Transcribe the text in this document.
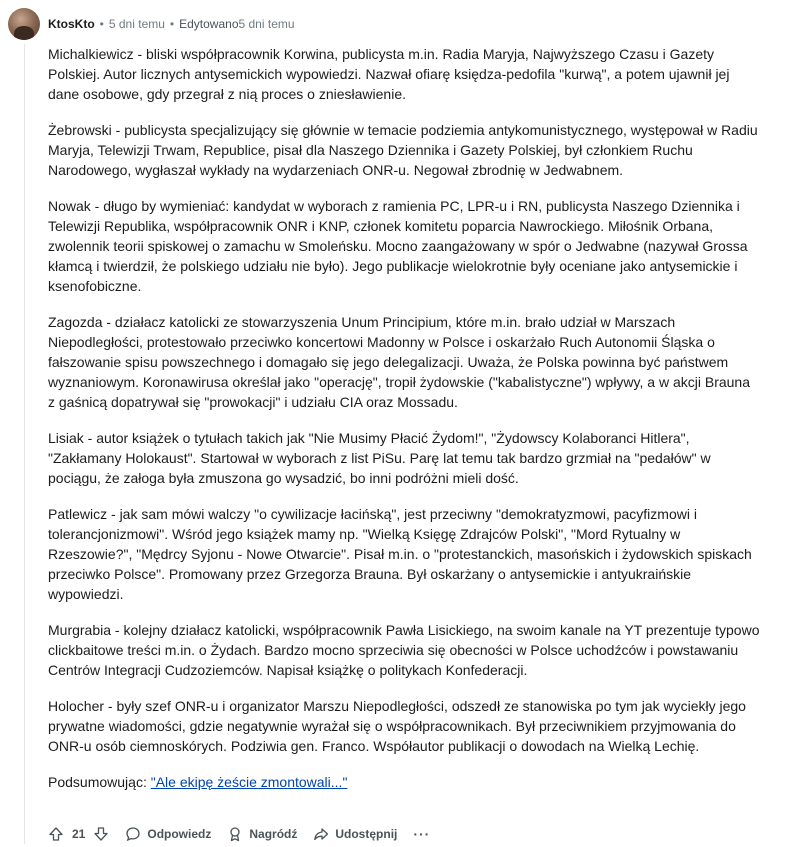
KtosKto • 5 dni temu • Edytowano 5 dni temu

Michalkiewicz - bliski współpracownik Korwina, publicysta m.in. Radia Maryja, Najwyższego Czasu i Gazety Polskiej. Autor licznych antysemickich wypowiedzi. Nazwał ofiarę księdza-pedofila "kurwą", a potem ujawnił jej dane osobowe, gdy przegrał z nią proces o zniesławienie.

Żebrowski - publicysta specjalizujący się głównie w temacie podziemia antykomunistycznego, występował w Radiu Maryja, Telewizji Trwam, Republice, pisał dla Naszego Dziennika i Gazety Polskiej, był członkiem Ruchu Narodowego, wygłaszał wykłady na wydarzeniach ONR-u. Negował zbrodnię w Jedwabnem.

Nowak - długo by wymieniać: kandydat w wyborach z ramienia PC, LPR-u i RN, publicysta Naszego Dziennika i Telewizji Republika, współpracownik ONR i KNP, członek komitetu poparcia Nawrockiego. Miłośnik Orbana, zwolennik teorii spiskowej o zamachu w Smoleńsku. Mocno zaangażowany w spór o Jedwabne (nazywał Grossa kłamcą i twierdził, że polskiego udziału nie było). Jego publikacje wielokrotnie były oceniane jako antysemickie i ksenofobiczne.

Zagozda - działacz katolicki ze stowarzyszenia Unum Principium, które m.in. brało udział w Marszach Niepodległości, protestowało przeciwko koncertowi Madonny w Polsce i oskarżało Ruch Autonomii Śląska o fałszowanie spisu powszechnego i domagało się jego delegalizacji. Uważa, że Polska powinna być państwem wyznaniowym. Koronawirusa określał jako "operację", tropił żydowskie ("kabalistyczne") wpływy, a w akcji Brauna z gaśnicą dopatrywał się "prowokacji" i udziału CIA oraz Mossadu.

Lisiak - autor książek o tytułach takich jak "Nie Musimy Płacić Żydom!", "Żydowscy Kolaboranci Hitlera", "Zakłamany Holokaust". Startował w wyborach z list PiSu. Parę lat temu tak bardzo grzmiał na "pedałów" w pociągu, że załoga była zmuszona go wysadzić, bo inni podróżni mieli dość.

Patlewicz - jak sam mówi walczy "o cywilizacje łacińską", jest przeciwny "demokratyzmowi, pacyfizmowi i tolerancjonizmowi". Wśród jego książek mamy np. "Wielką Księgę Zdrajców Polski", "Mord Rytualny w Rzeszowie?", "Mędrcy Syjonu - Nowe Otwarcie". Pisał m.in. o "protestanckich, masońskich i żydowskich spiskach przeciwko Polsce". Promowany przez Grzegorza Brauna. Był oskarżany o antysemickie i antyukraińskie wypowiedzi.

Murgrabia - kolejny działacz katolicki, współpracownik Pawła Lisickiego, na swoim kanale na YT prezentuje typowo clickbaitowe treści m.in. o Żydach. Bardzo mocno sprzeciwia się obecności w Polsce uchodźców i powstawaniu Centrów Integracji Cudzoziemców. Napisał książkę o politykach Konfederacji.

Holocher - były szef ONR-u i organizator Marszu Niepodległości, odszedł ze stanowiska po tym jak wyciekły jego prywatne wiadomości, gdzie negatywnie wyrażał się o współpracownikach. Był przeciwnikiem przyjmowania do ONR-u osób ciemnoskórych. Podziwia gen. Franco. Współautor publikacji o dowodach na Wielką Lechię.

Podsumowując: "Ale ekipę żeście zmontowali..."

21	Odpowiedz	Nagródź	Udostępnij ···
